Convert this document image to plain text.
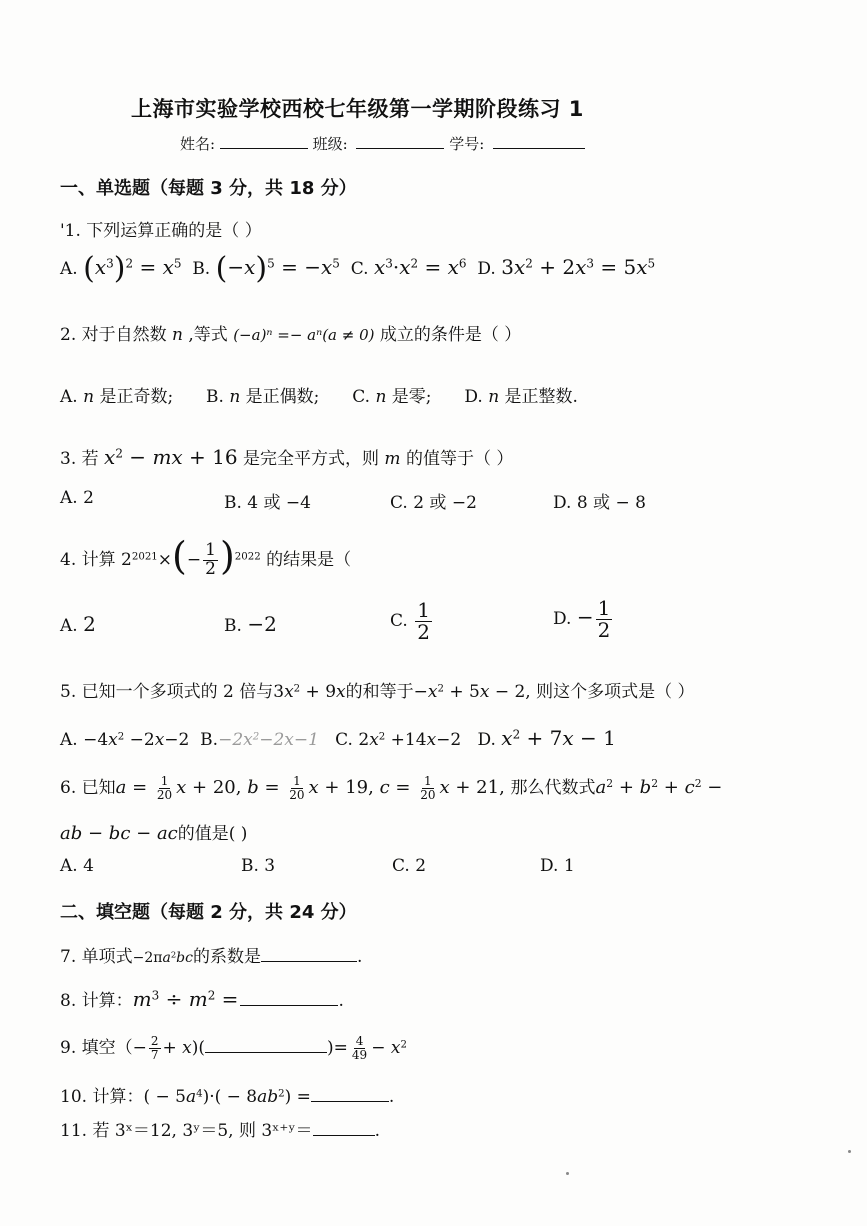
上海市实验学校西校七年级第一学期阶段练习 1
姓名:	班级:	学号:
一、单选题（每题 3 分，共 18 分）
'1. 下列运算正确的是（ ）
A. $(x^3)^2 = x^5$ B. $(-x)^5 = -x^5$ C. $x^3\cdot x^2 = x^6$ D. $3x^2 + 2x^3 = 5x^5$
2. 对于自然数 n ,等式 (−a)ⁿ =− aⁿ(a ≠ 0) 成立的条件是（ ）
A. n 是正奇数; B. n 是正偶数; C. n 是零; D. n 是正整数.
3. 若 $x^2$ − mx + 16 是完全平方式，则 m 的值等于（ ）
A. 2	B. 4 或 −4	C. 2 或 −2	D. 8 或 − 8
4. 计算 $2^{2021}\times(- \frac{1}{2} )^{2022}$ 的结果是（
A. 2	B. −2	C. $\frac{1}{2}$	D. − $\frac{1}{2}$
5. 已知一个多项式的 2 倍与$3x^2 + 9x$的和等于$-x^2 + 5x - 2$, 则这个多项式是（ ）
A. $-4x^2 -2x-2$ $B.-2x^2-2x-1$ C. $2x^2 +14x-2$ D. $x^2 + 7x - 1$
6. 已知$a = \frac{1}{20}$ x + 20, $b = \frac{1}{20}$ x + 19, $c = \frac{1}{20}$ x + 21, 那么代数式$a^2 + b^2 + c^2$ −
ab − bc − ac的值是( )
A. 4	B. 3	C. 2	D. 1
二、填空题（每题 2 分，共 24 分）
7. 单项式$-2\pi a^2bc$的系数是	.
8. 计算：$m^3 \div m^2$ =	.
9. 填空（− $\frac{2}{7} + x$)(	)= $\frac{4}{49} - x^2$
10. 计算：( − $5a^4)\cdot( - 8ab^2)$ =	.
11. 若 3ˣ＝12, 3ʸ＝5, 则 3ˣ⁺ʸ＝	.
